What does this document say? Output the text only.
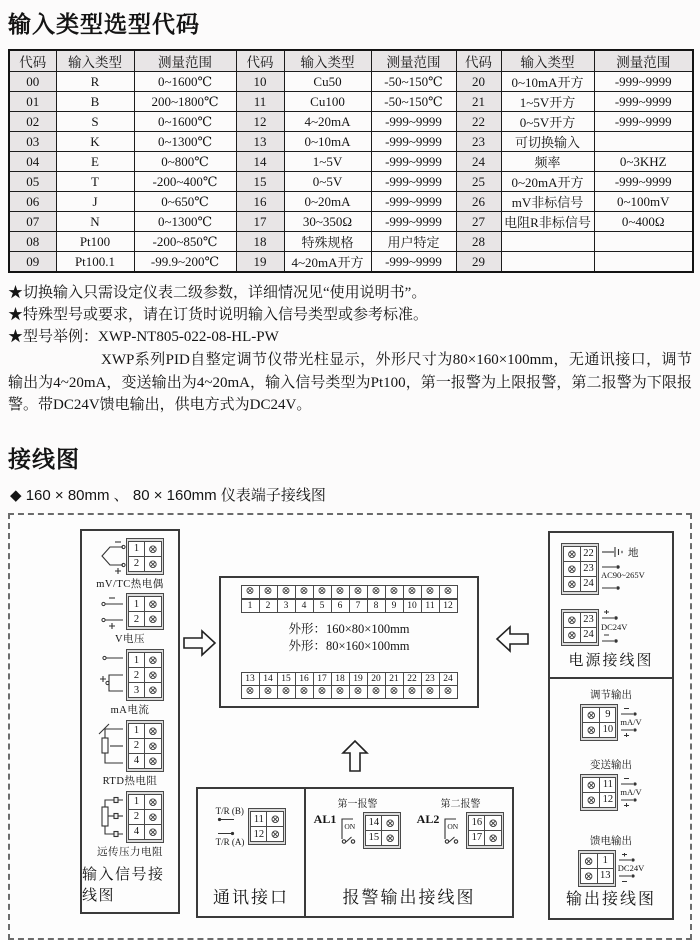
输入类型选型代码
代码	输入类型	测量范围	代码	输入类型	测量范围	代码	输入类型	测量范围
00	R	0~1600℃	10	Cu50	-50~150℃	20	0~10mA开方	-999~9999
01	B	200~1800℃	11	Cu100	-50~150℃	21	1~5V开方	-999~9999
02	S	0~1600℃	12	4~20mA	-999~9999	22	0~5V开方	-999~9999
03	K	0~1300℃	13	0~10mA	-999~9999	23	可切换输入	
04	E	0~800℃	14	1~5V	-999~9999	24	频率	0~3KHZ
05	T	-200~400℃	15	0~5V	-999~9999	25	0~20mA开方	-999~9999
06	J	0~650℃	16	0~20mA	-999~9999	26	mV非标信号	0~100mV
07	N	0~1300℃	17	30~350Ω	-999~9999	27	电阻R非标信号	0~400Ω
08	Pt100	-200~850℃	18	特殊规格	用户特定	28		
09	Pt100.1	-99.9~200℃	19	4~20mA开方	-999~9999	29		

★切换输入只需设定仪表二级参数，详细情况见“使用说明书”。

★特殊型号或要求，请在订货时说明输入信号类型或参考标准。

★型号举例：XWP-NT805-022-08-HL-PW

XWP系列PID自整定调节仪带光柱显示，外形尺寸为80×160×100mm，无通讯接口，调节输出为4~20mA，变送输出为4~20mA，输入信号类型为Pt100，第一报警为上限报警，第二报警为下限报警。带DC24V馈电输出，供电方式为DC24V。

接线图
◆ 160 × 80mm 、 80 × 160mm 仪表端子接线图
1 ⊗
2 ⊗
mV/TC热电偶
1 ⊗
2 ⊗
V电压
1 ⊗
2 ⊗
3 ⊗
mA电流
1 ⊗
2 ⊗
4 ⊗
RTD热电阻
1 ⊗
2 ⊗
4 ⊗
远传压力电阻
输入信号接线图
⊗
1
⊗
2
⊗
3
⊗
4
⊗
5
⊗
6
⊗
7
⊗
8
⊗
9
⊗
10
⊗
11
⊗
12
外形：160×80×100mm
外形：80×160×100mm
13
⊗
14
⊗
15
⊗
16
⊗
17
⊗
18
⊗
19
⊗
20
⊗
21
⊗
22
⊗
23
⊗
24
⊗
T/R (B)
T/R (A)
11 ⊗
12 ⊗
通讯接口
第一报警
AL1
ON	14 ⊗
15 ⊗
第二报警
AL2
ON	16 ⊗
17 ⊗
报警输出接线图
⊗ 22
⊗ 23
⊗ 24
地
AC90~265V
⊗ 23
⊗ 24
DC24V
电源接线图
调节输出
⊗ 9
⊗ 10
mA/V
变送输出
⊗ 11
⊗ 12
mA/V
馈电输出
⊗ 1
⊗ 13
DC24V
输出接线图
